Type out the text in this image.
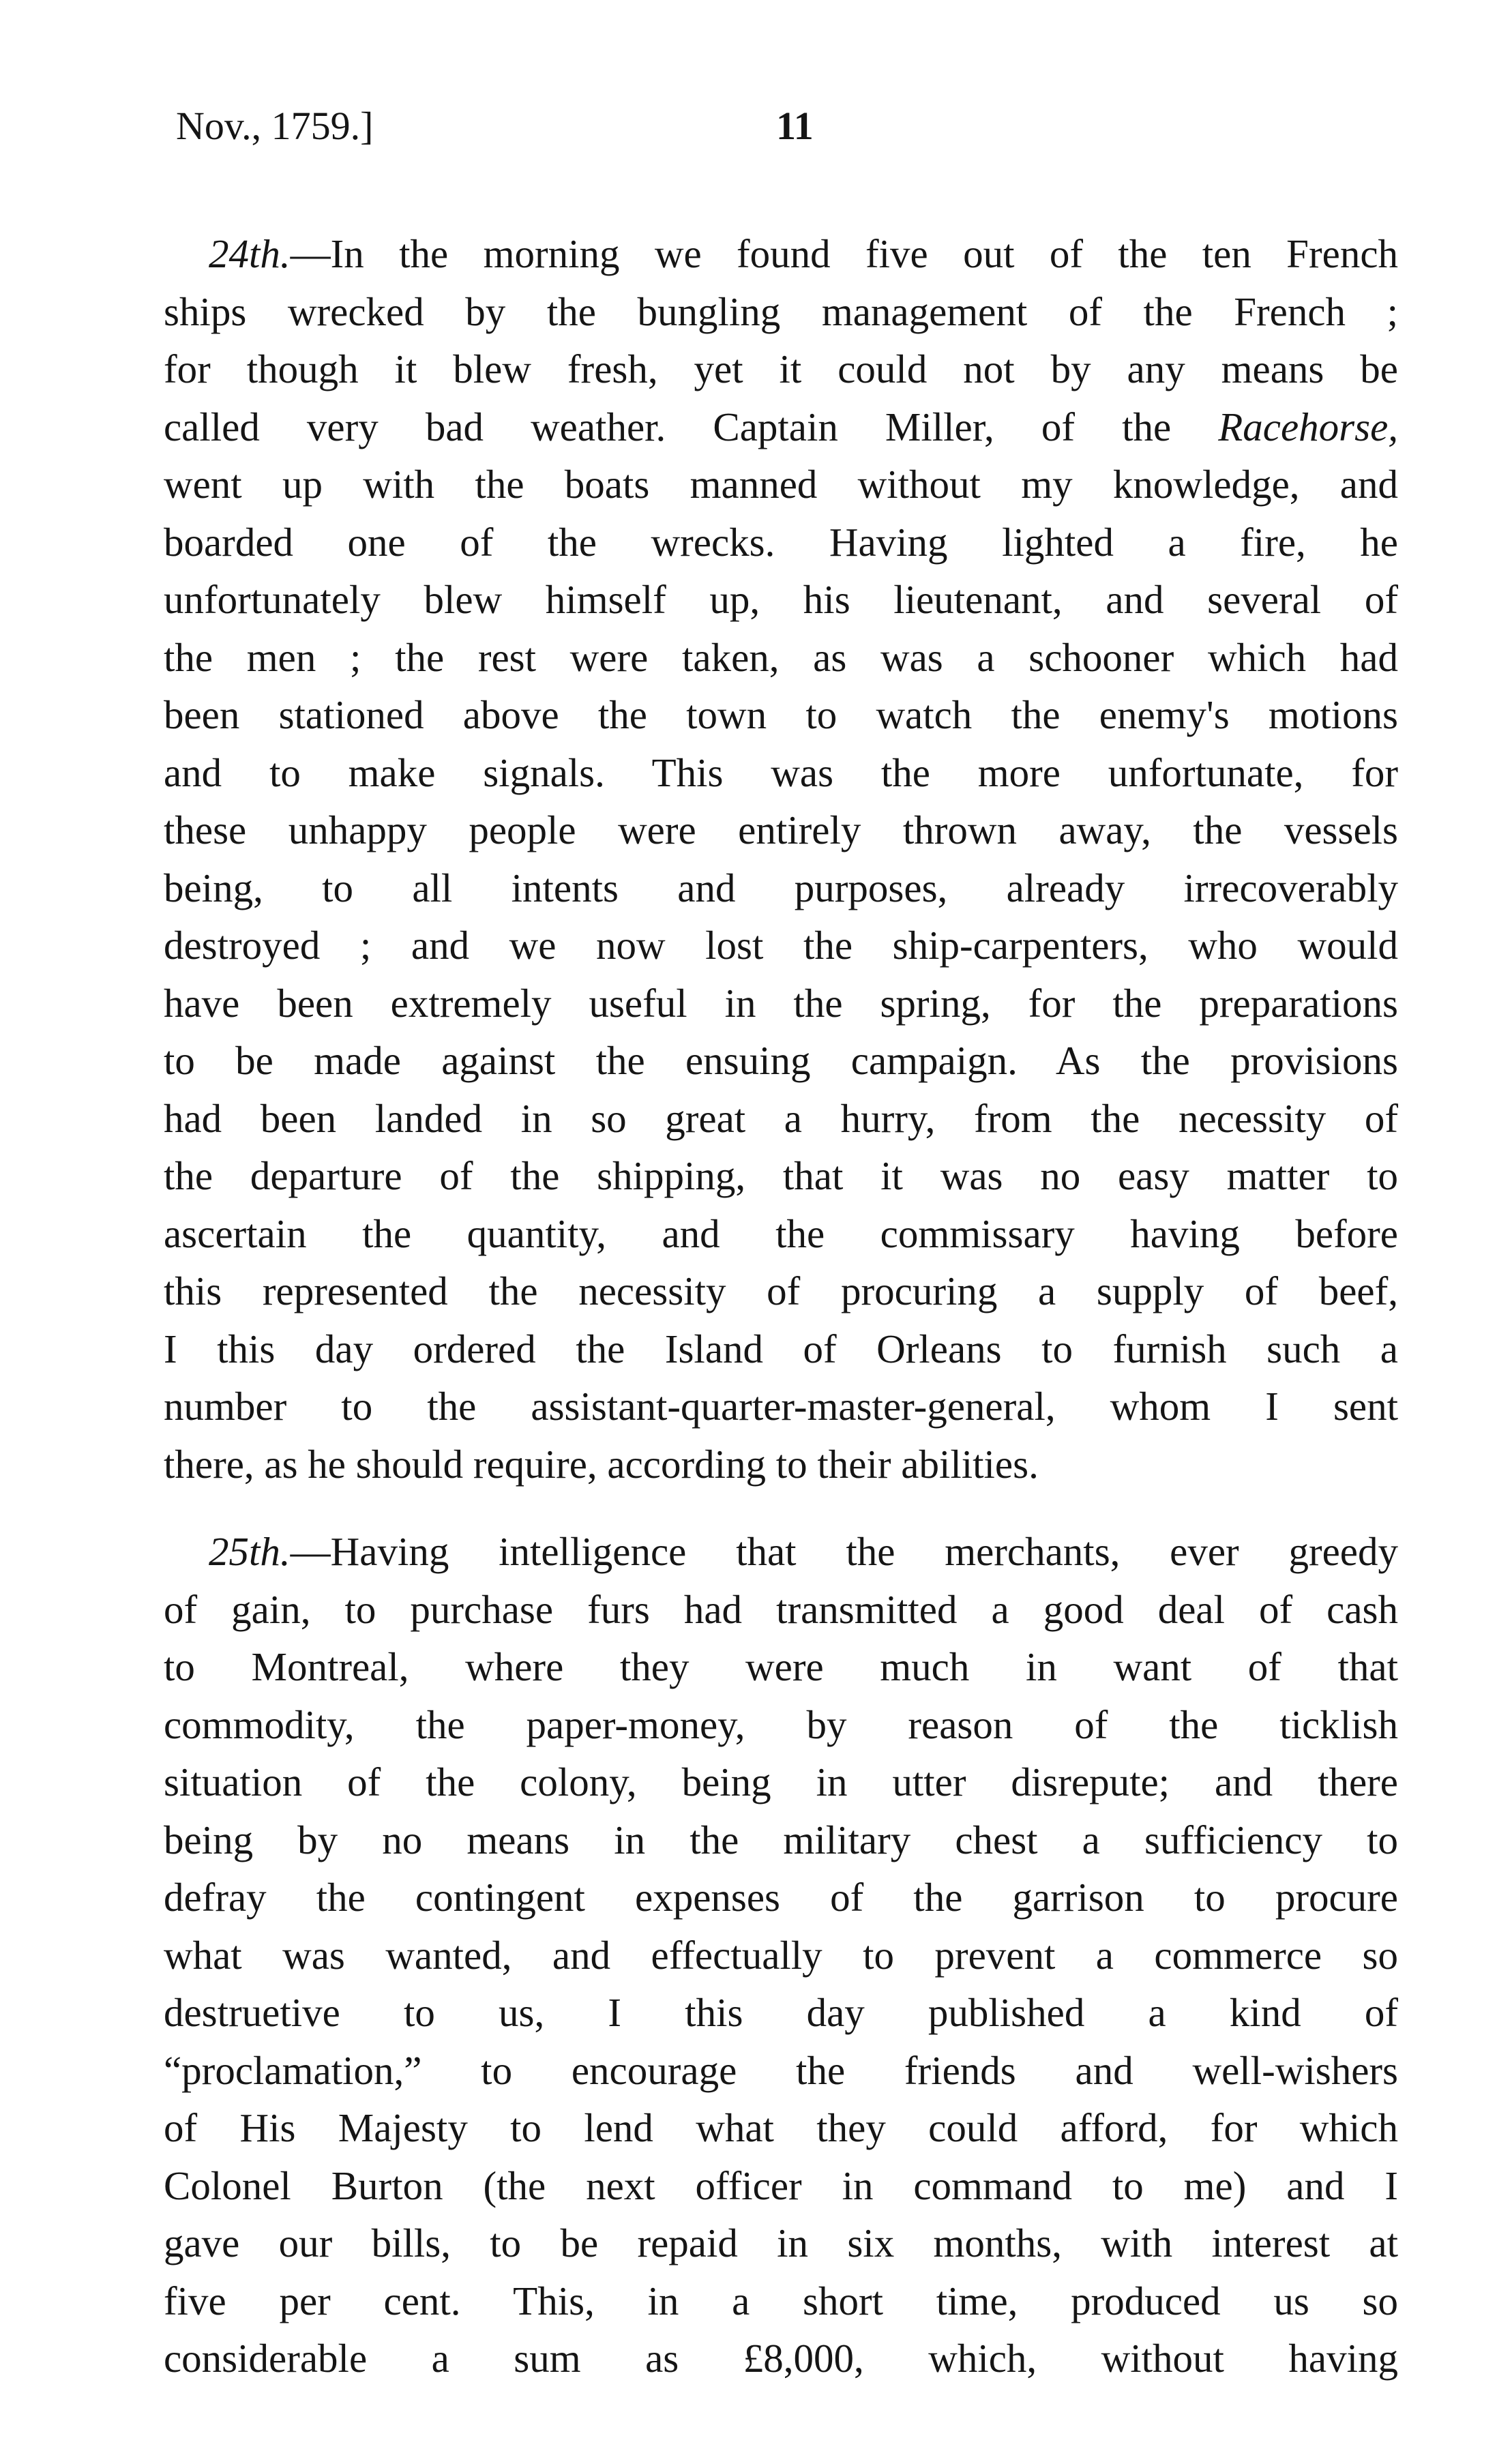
Nov., 1759.]	11
24th.—In the morning we found five out of the ten French
ships wrecked by the bungling management of the French ;
for though it blew fresh, yet it could not by any means be
called very bad weather. Captain Miller, of the Racehorse,
went up with the boats manned without my knowledge, and
boarded one of the wrecks. Having lighted a fire, he
unfortunately blew himself up, his lieutenant, and several of
the men ; the rest were taken, as was a schooner which had
been stationed above the town to watch the enemy's motions
and to make signals. This was the more unfortunate, for
these unhappy people were entirely thrown away, the vessels
being, to all intents and purposes, already irrecoverably
destroyed ; and we now lost the ship-carpenters, who would
have been extremely useful in the spring, for the preparations
to be made against the ensuing campaign. As the provisions
had been landed in so great a hurry, from the necessity of
the departure of the shipping, that it was no easy matter to
ascertain the quantity, and the commissary having before
this represented the necessity of procuring a supply of beef,
I this day ordered the Island of Orleans to furnish such a
number to the assistant-quarter-master-general, whom I sent
there, as he should require, according to their abilities.
25th.—Having intelligence that the merchants, ever greedy
of gain, to purchase furs had transmitted a good deal of cash
to Montreal, where they were much in want of that
commodity, the paper-money, by reason of the ticklish
situation of the colony, being in utter disrepute; and there
being by no means in the military chest a sufficiency to
defray the contingent expenses of the garrison to procure
what was wanted, and effectually to prevent a commerce so
destruetive to us, I this day published a kind of
“proclamation,” to encourage the friends and well-wishers
of His Majesty to lend what they could afford, for which
Colonel Burton (the next officer in command to me) and I
gave our bills, to be repaid in six months, with interest at
five per cent. This, in a short time, produced us so
considerable a sum as £8,000, which, without having
